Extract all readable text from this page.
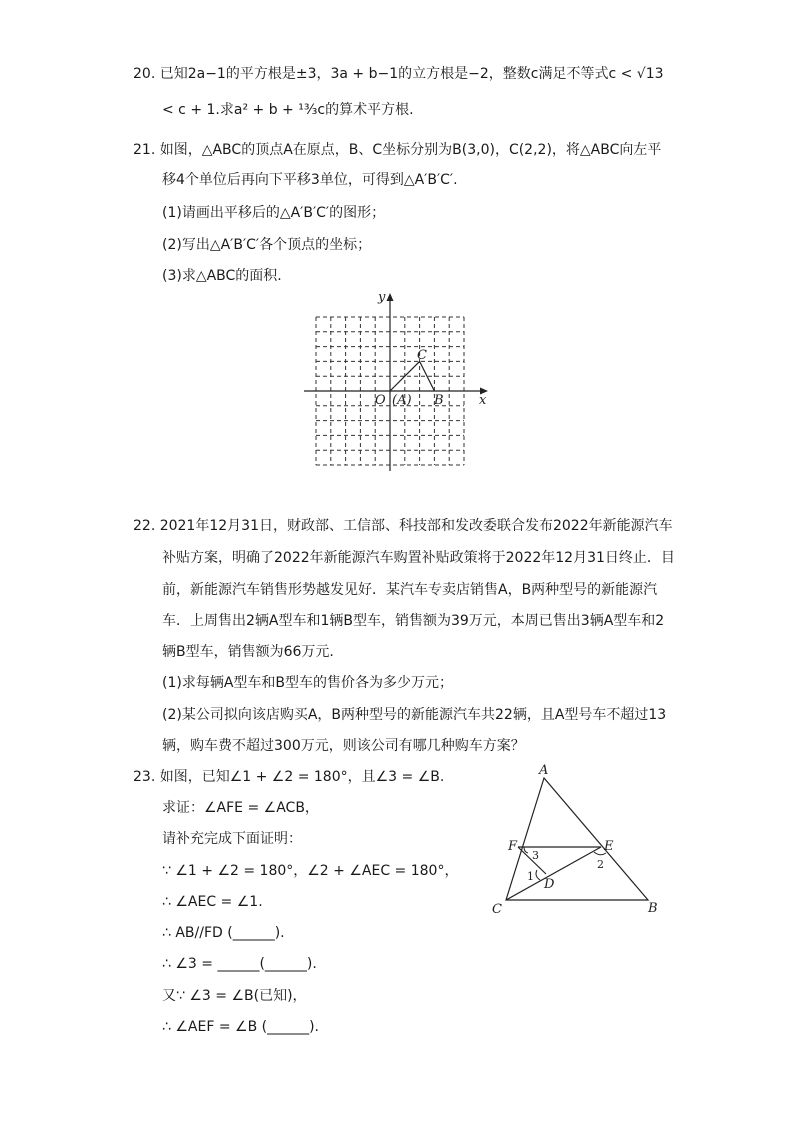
20. 已知2a−1的平方根是±3，3a + b−1的立方根是−2，整数c满足不等式c < √13
< c + 1.求a² + b + ¹³⁄₃c的算术平方根.
21. 如图，△ABC的顶点A在原点，B、C坐标分别为B(3,0)，C(2,2)，将△ABC向左平
移4个单位后再向下平移3单位，可得到△A′B′C′.
(1)请画出平移后的△A′B′C′的图形；
(2)写出△A′B′C′各个顶点的坐标；
(3)求△ABC的面积.
y
x
O (A) B
C
22. 2021年12月31日，财政部、工信部、科技部和发改委联合发布2022年新能源汽车
补贴方案，明确了2022年新能源汽车购置补贴政策将于2022年12月31日终止．目
前，新能源汽车销售形势越发见好．某汽车专卖店销售A，B两种型号的新能源汽
车．上周售出2辆A型车和1辆B型车，销售额为39万元，本周已售出3辆A型车和2
辆B型车，销售额为66万元.
(1)求每辆A型车和B型车的售价各为多少万元；
(2)某公司拟向该店购买A，B两种型号的新能源汽车共22辆，且A型号车不超过13
辆，购车费不超过300万元，则该公司有哪几种购车方案？
23. 如图，已知∠1 + ∠2 = 180°，且∠3 = ∠B.
求证：∠AFE = ∠ACB，
请补充完成下面证明：
∵ ∠1 + ∠2 = 180°，∠2 + ∠AEC = 180°，
∴ ∠AEC = ∠1.
∴ AB//FD (______).
∴ ∠3 = ______(______).
又∵ ∠3 = ∠B(已知)，
∴ ∠AEF = ∠B (______).
A
C	B
F	E
D
1
2
3
